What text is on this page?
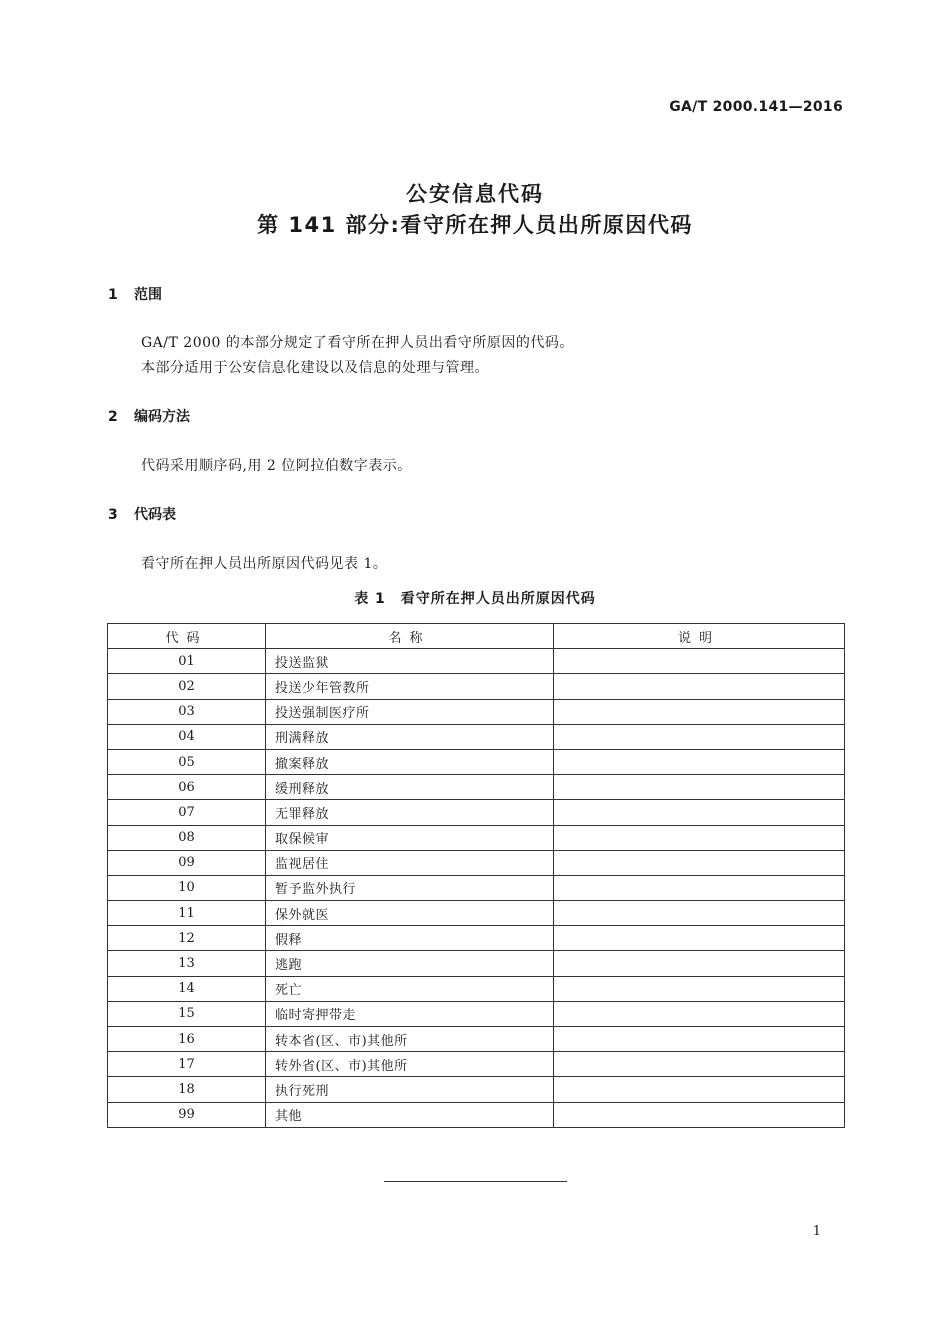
GA/T 2000.141—2016
公安信息代码
第 141 部分:看守所在押人员出所原因代码
1 范围
GA/T 2000 的本部分规定了看守所在押人员出看守所原因的代码。
本部分适用于公安信息化建设以及信息的处理与管理。
2 编码方法
代码采用顺序码,用 2 位阿拉伯数字表示。
3 代码表
看守所在押人员出所原因代码见表 1。
表 1　看守所在押人员出所原因代码
代码	名称	说明
01	投送监狱	
02	投送少年管教所	
03	投送强制医疗所	
04	刑满释放	
05	撤案释放	
06	缓刑释放	
07	无罪释放	
08	取保候审	
09	监视居住	
10	暂予监外执行	
11	保外就医	
12	假释	
13	逃跑	
14	死亡	
15	临时寄押带走	
16	转本省(区、市)其他所	
17	转外省(区、市)其他所	
18	执行死刑	
99	其他	
1
